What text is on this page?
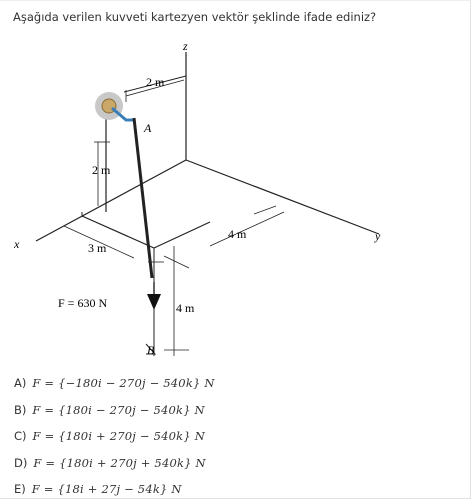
Aşağıda verilen kuvveti kartezyen vektör şeklinde ifade ediniz?
z
x
y
2 m
2 m
3 m
4 m
4 m
A
B
F = 630 N
A) F = {−180i − 270j − 540k} N
B) F = {180i − 270j − 540k} N
C) F = {180i + 270j − 540k} N
D) F = {180i + 270j + 540k} N
E) F = {18i + 27j − 54k} N
